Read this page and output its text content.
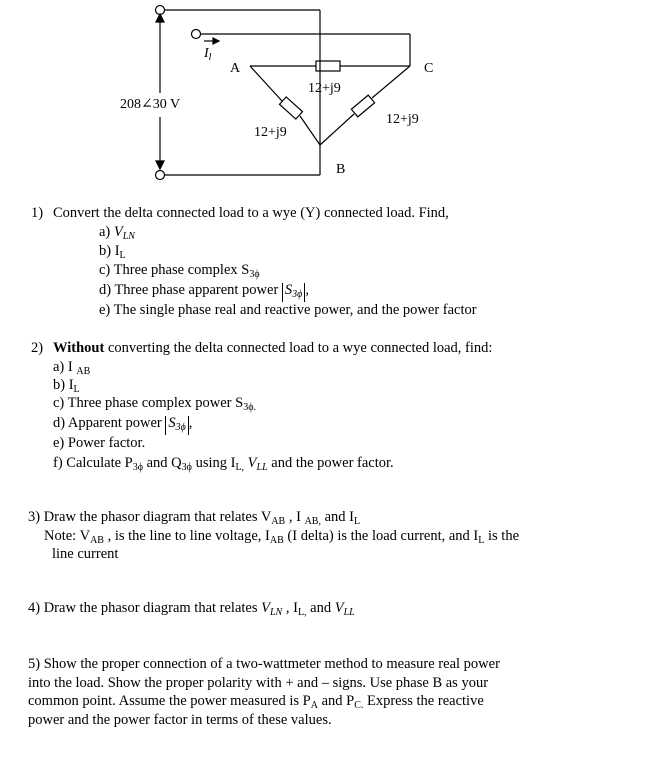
208∠30 V
$I_l$
A	C
B
12+j9
12+j9
12+j9
1) Convert the delta connected load to a wye (Y) connected load. Find,
a) $V_{LN}$
b) $I_L$
c) Three phase complex $S_{3\phi}$
d) Three phase apparent power $S_{3\phi}$ ,
e) The single phase real and reactive power, and the power factor
2) Without converting the delta connected load to a wye connected load, find:
a) I $_{AB}$
b) $I_L$
c) Three phase complex power $S_{3\phi.}$
d) Apparent power $S_{3\phi}$ ,
e) Power factor.
f) Calculate $P_{3\phi}$ and $Q_{3\phi}$ using $I_{L,}$ $V_{LL}$ and the power factor.
3) Draw the phasor diagram that relates $V_{AB}$ , I $_{AB,}$ and $I_L$
Note: $V_{AB}$ , is the line to line voltage, $I_{AB}$ (I delta) is the load current, and $I_L$ is the
line current
4) Draw the phasor diagram that relates $V_{LN}$ , $I_{L,}$ and $V_{LL}$
5) Show the proper connection of a two-wattmeter method to measure real power
into the load. Show the proper polarity with + and – signs. Use phase B as your
common point. Assume the power measured is $P_A$ and $P_{C.}$ Express the reactive
power and the power factor in terms of these values.
